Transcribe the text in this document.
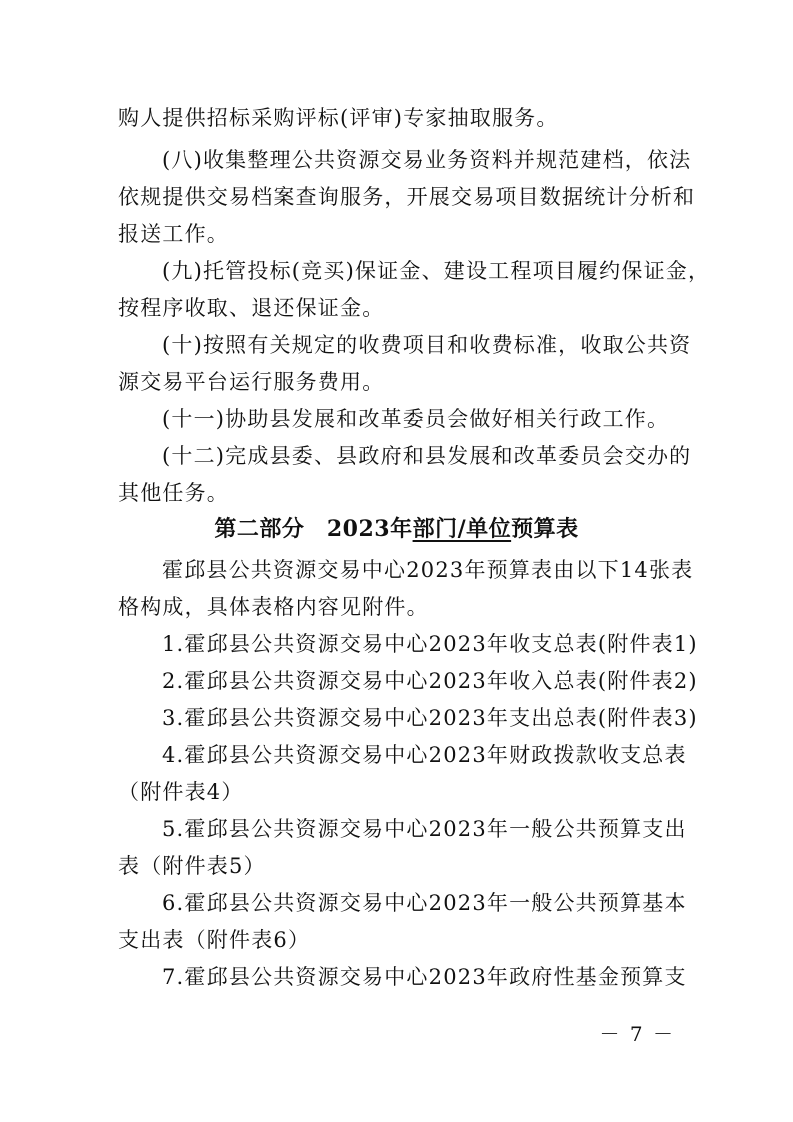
购人提供招标采购评标(评审)专家抽取服务。
(八)收集整理公共资源交易业务资料并规范建档，依法
依规提供交易档案查询服务，开展交易项目数据统计分析和
报送工作。
(九)托管投标(竞买)保证金、建设工程项目履约保证金，
按程序收取、退还保证金。
(十)按照有关规定的收费项目和收费标准，收取公共资
源交易平台运行服务费用。
(十一)协助县发展和改革委员会做好相关行政工作。
(十二)完成县委、县政府和县发展和改革委员会交办的
其他任务。
第二部分　2023年部门/单位预算表
霍邱县公共资源交易中心2023年预算表由以下14张表
格构成，具体表格内容见附件。
1.霍邱县公共资源交易中心2023年收支总表(附件表1)
2.霍邱县公共资源交易中心2023年收入总表(附件表2)
3.霍邱县公共资源交易中心2023年支出总表(附件表3)
4.霍邱县公共资源交易中心2023年财政拨款收支总表
（附件表4）
5.霍邱县公共资源交易中心2023年一般公共预算支出
表（附件表5）
6.霍邱县公共资源交易中心2023年一般公共预算基本
支出表（附件表6）
7.霍邱县公共资源交易中心2023年政府性基金预算支
－ 7 －
